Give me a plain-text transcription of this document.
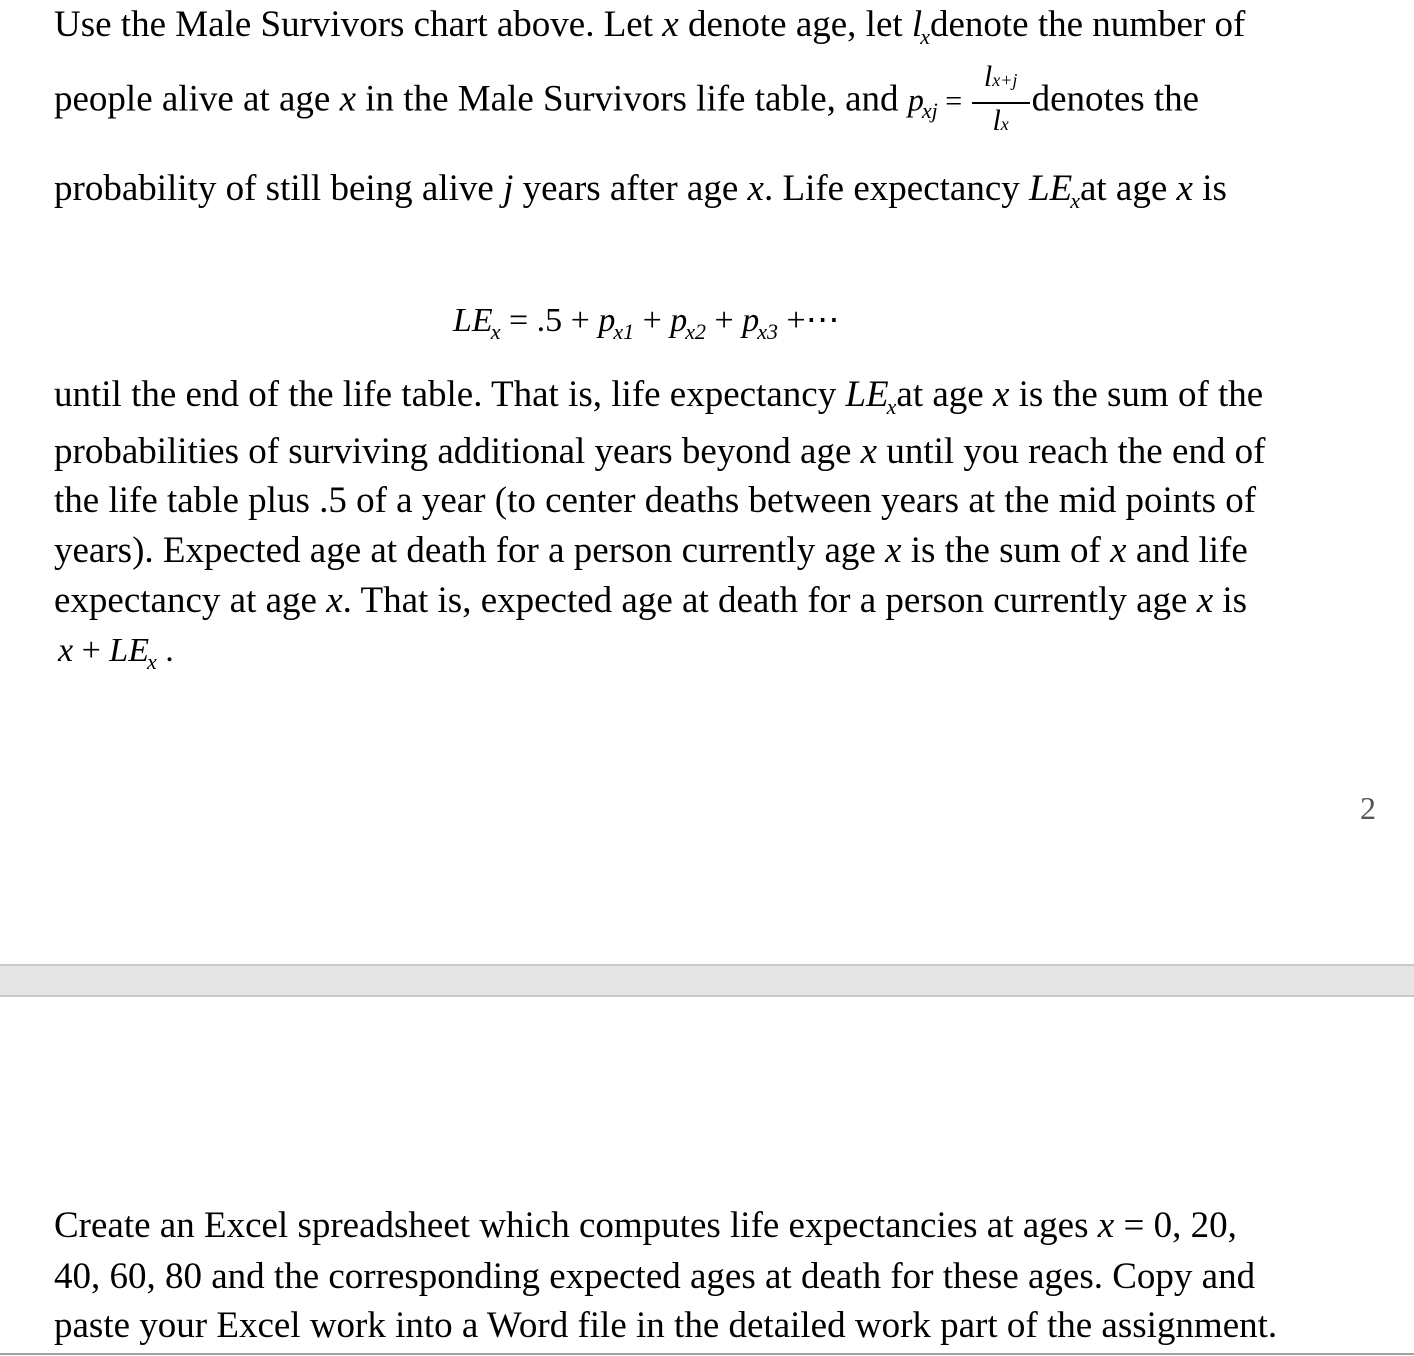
Use the Male Survivors chart above. Let x denote age, let $l_xdenote$ the number of
people alive at age x in the Male Survivors life table, and $p_{xj} = \frac{lx+j}{lx}$ denotes the
probability of still being alive j years after age x. Life expectancy $LE_xat$ age x is
$LE_x = .5 + p_{x1} + p_{x2} + p_{x3}$ +⋯
until the end of the life table. That is, life expectancy $LE_xat$ age x is the sum of the
probabilities of surviving additional years beyond age x until you reach the end of
the life table plus .5 of a year (to center deaths between years at the mid points of
years). Expected age at death for a person currently age x is the sum of x and life
expectancy at age x. That is, expected age at death for a person currently age x is
$x + LE_x$ .
2
Create an Excel spreadsheet which computes life expectancies at ages x = 0, 20,
40, 60, 80 and the corresponding expected ages at death for these ages. Copy and
paste your Excel work into a Word file in the detailed work part of the assignment.
